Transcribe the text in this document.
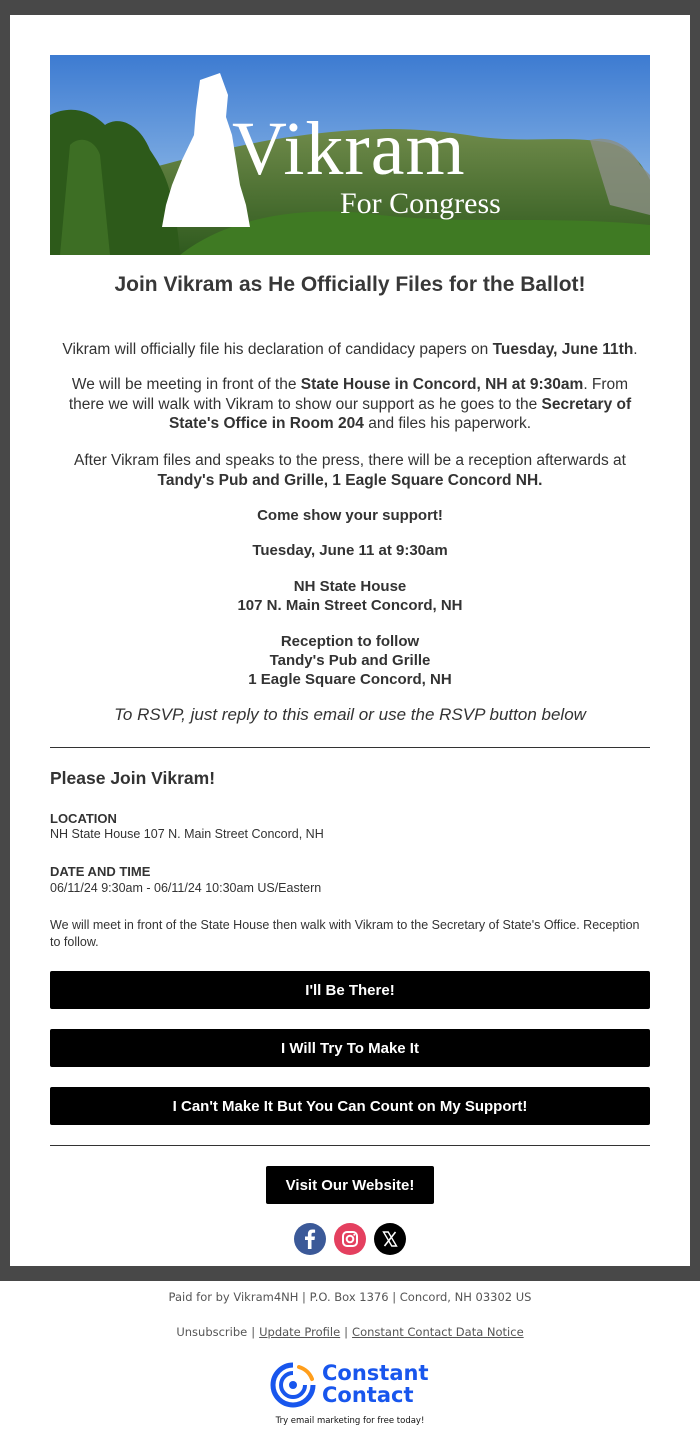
Vikram
For Congress
Join Vikram as He Officially Files for the Ballot!
Vikram will officially file his declaration of candidacy papers on Tuesday, June 11th.
We will be meeting in front of the State House in Concord, NH at 9:30am. From there we will walk with Vikram to show our support as he goes to the Secretary of State's Office in Room 204 and files his paperwork.
After Vikram files and speaks to the press, there will be a reception afterwards at
Tandy's Pub and Grille, 1 Eagle Square Concord NH.
Come show your support!
Tuesday, June 11 at 9:30am
NH State House
107 N. Main Street Concord, NH
Reception to follow
Tandy's Pub and Grille
1 Eagle Square Concord, NH
To RSVP, just reply to this email or use the RSVP button below
Please Join Vikram!
LOCATION
NH State House 107 N. Main Street Concord, NH
DATE AND TIME
06/11/24 9:30am - 06/11/24 10:30am US/Eastern
We will meet in front of the State House then walk with Vikram to the Secretary of State's Office. Reception to follow.
I'll Be There!
I Will Try To Make It
I Can't Make It But You Can Count on My Support!
Visit Our Website!
Paid for by Vikram4NH | P.O. Box 1376 | Concord, NH 03302 US
Unsubscribe | Update Profile | Constant Contact Data Notice
Constant
Contact
Try email marketing for free today!
